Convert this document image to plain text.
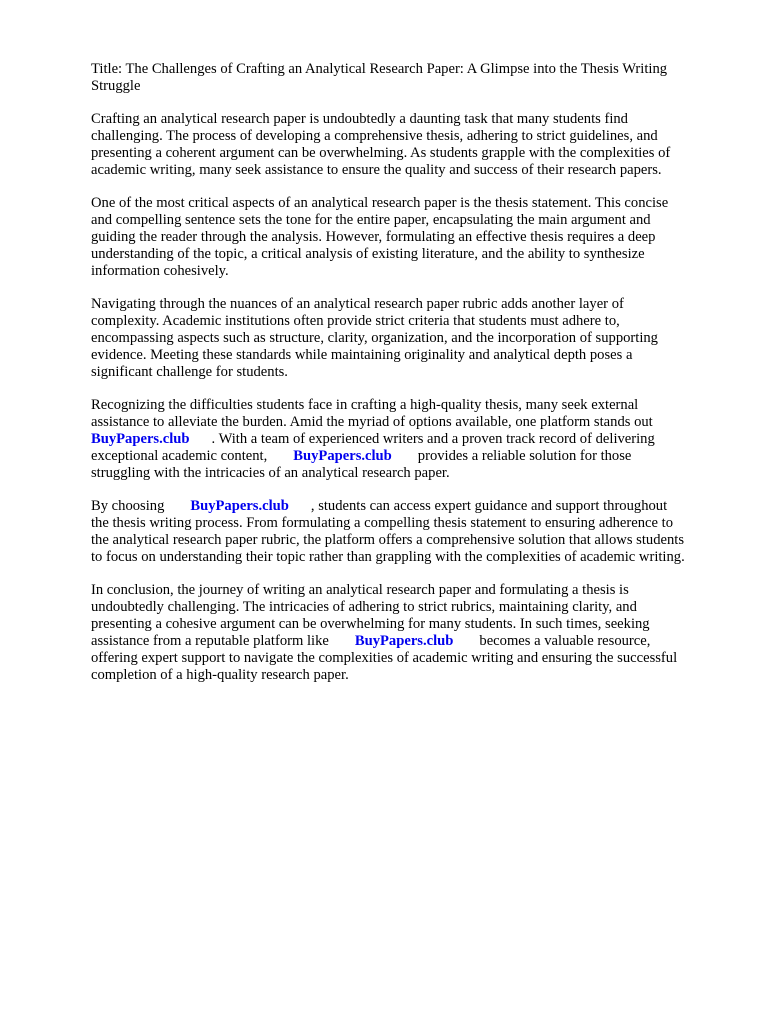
Title: The Challenges of Crafting an Analytical Research Paper: A Glimpse into the Thesis Writing

Struggle

Crafting an analytical research paper is undoubtedly a daunting task that many students find

challenging. The process of developing a comprehensive thesis, adhering to strict guidelines, and

presenting a coherent argument can be overwhelming. As students grapple with the complexities of

academic writing, many seek assistance to ensure the quality and success of their research papers.

One of the most critical aspects of an analytical research paper is the thesis statement. This concise

and compelling sentence sets the tone for the entire paper, encapsulating the main argument and

guiding the reader through the analysis. However, formulating an effective thesis requires a deep

understanding of the topic, a critical analysis of existing literature, and the ability to synthesize

information cohesively.

Navigating through the nuances of an analytical research paper rubric adds another layer of

complexity. Academic institutions often provide strict criteria that students must adhere to,

encompassing aspects such as structure, clarity, organization, and the incorporation of supporting

evidence. Meeting these standards while maintaining originality and analytical depth poses a

significant challenge for students.

Recognizing the difficulties students face in crafting a high-quality thesis, many seek external

assistance to alleviate the burden. Amid the myriad of options available, one platform stands out

BuyPapers.club . With a team of experienced writers and a proven track record of delivering

exceptional academic content, BuyPapers.club provides a reliable solution for those

struggling with the intricacies of an analytical research paper.

By choosing BuyPapers.club , students can access expert guidance and support throughout

the thesis writing process. From formulating a compelling thesis statement to ensuring adherence to

the analytical research paper rubric, the platform offers a comprehensive solution that allows students

to focus on understanding their topic rather than grappling with the complexities of academic writing.

In conclusion, the journey of writing an analytical research paper and formulating a thesis is

undoubtedly challenging. The intricacies of adhering to strict rubrics, maintaining clarity, and

presenting a cohesive argument can be overwhelming for many students. In such times, seeking

assistance from a reputable platform like BuyPapers.club becomes a valuable resource,

offering expert support to navigate the complexities of academic writing and ensuring the successful

completion of a high-quality research paper.
